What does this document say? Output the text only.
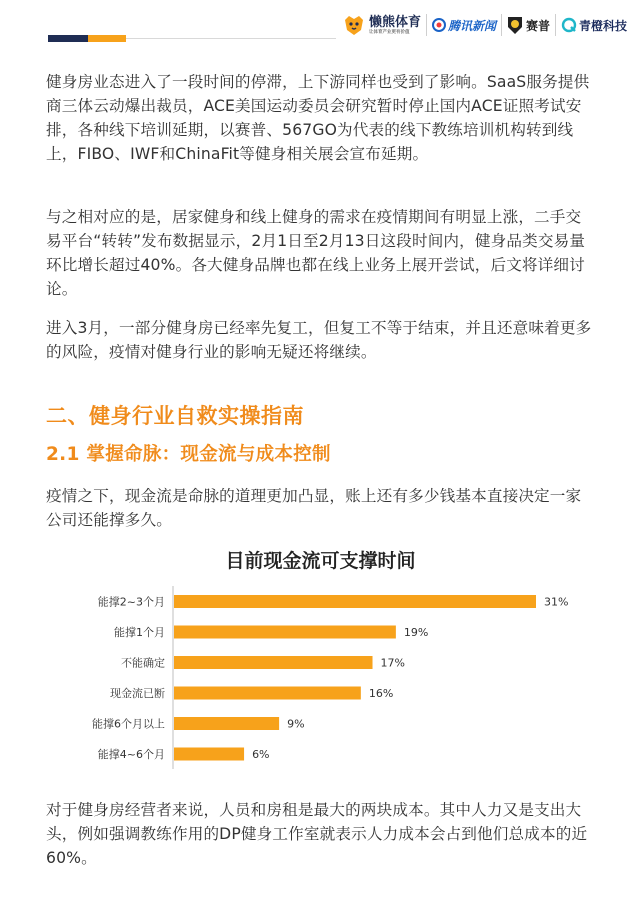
懒熊体育
让体育产业更有价值	腾讯新闻	赛普 青橙科技

健身房业态进入了一段时间的停滞，上下游同样也受到了影响。SaaS服务提供商三体云动爆出裁员，ACE美国运动委员会研究暂时停止国内ACE证照考试安排，各种线下培训延期，以赛普、567GO为代表的线下教练培训机构转到线上，FIBO、IWF和ChinaFit等健身相关展会宣布延期。

与之相对应的是，居家健身和线上健身的需求在疫情期间有明显上涨，二手交易平台“转转”发布数据显示，2月1日至2月13日这段时间内，健身品类交易量环比增长超过40%。各大健身品牌也都在线上业务上展开尝试，后文将详细讨论。

进入3月，一部分健身房已经率先复工，但复工不等于结束，并且还意味着更多的风险，疫情对健身行业的影响无疑还将继续。

二、健身行业自救实操指南
2.1 掌握命脉：现金流与成本控制

疫情之下，现金流是命脉的道理更加凸显，账上还有多少钱基本直接决定一家公司还能撑多久。

目前现金流可支撑时间
能撑2~3个月	31%
能撑1个月	19%
不能确定	17%
现金流已断	16%
能撑6个月以上	9%
能撑4~6个月	6%

对于健身房经营者来说，人员和房租是最大的两块成本。其中人力又是支出大头，例如强调教练作用的DP健身工作室就表示人力成本会占到他们总成本的近60%。
